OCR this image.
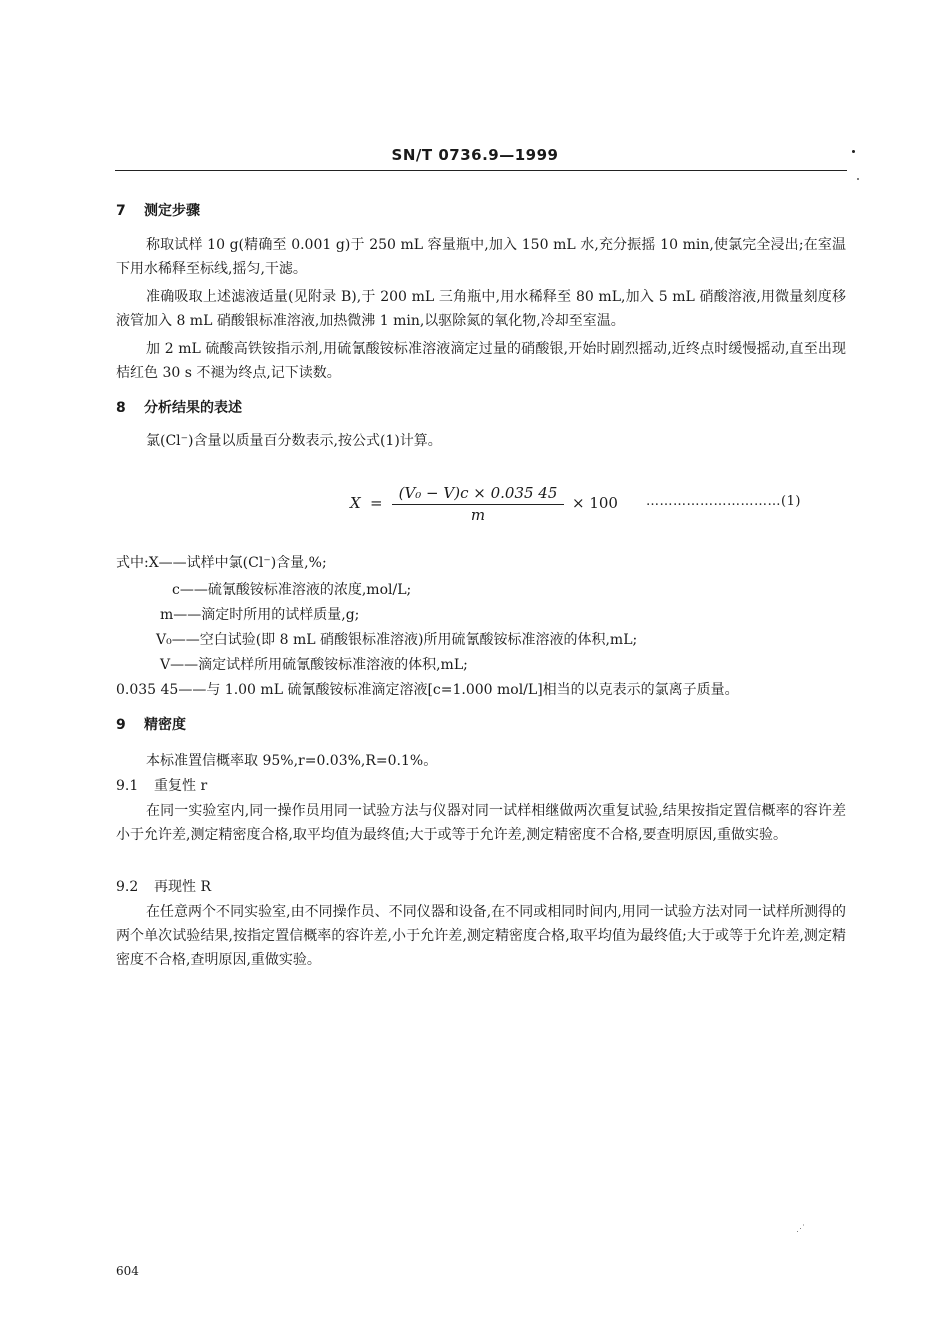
SN/T 0736.9—1999
7 测定步骤

称取试样 10 g(精确至 0.001 g)于 250 mL 容量瓶中,加入 150 mL 水,充分振摇 10 min,使氯完全浸出;在室温下用水稀释至标线,摇匀,干滤。

准确吸取上述滤液适量(见附录 B),于 200 mL 三角瓶中,用水稀释至 80 mL,加入 5 mL 硝酸溶液,用微量刻度移液管加入 8 mL 硝酸银标准溶液,加热微沸 1 min,以驱除氮的氧化物,冷却至室温。

加 2 mL 硫酸高铁铵指示剂,用硫氰酸铵标准溶液滴定过量的硝酸银,开始时剧烈摇动,近终点时缓慢摇动,直至出现桔红色 30 s 不褪为终点,记下读数。

8 分析结果的表述

氯(Cl⁻)含量以质量百分数表示,按公式(1)计算。

X =
(V₀ − V)c × 0.035 45
m
× 100 …………………………(1)

式中:X——试样中氯(Cl⁻)含量,%;

c——硫氰酸铵标准溶液的浓度,mol/L;

m——滴定时所用的试样质量,g;

V₀——空白试验(即 8 mL 硝酸银标准溶液)所用硫氰酸铵标准溶液的体积,mL;

V——滴定试样所用硫氰酸铵标准溶液的体积,mL;

0.035 45——与 1.00 mL 硫氰酸铵标准滴定溶液[c=1.000 mol/L]相当的以克表示的氯离子质量。

9 精密度

本标准置信概率取 95%,r=0.03%,R=0.1%。

9.1 重复性 r

在同一实验室内,同一操作员用同一试验方法与仪器对同一试样相继做两次重复试验,结果按指定置信概率的容许差小于允许差,测定精密度合格,取平均值为最终值;大于或等于允许差,测定精密度不合格,要查明原因,重做实验。

9.2 再现性 R

在任意两个不同实验室,由不同操作员、不同仪器和设备,在不同或相同时间内,用同一试验方法对同一试样所测得的两个单次试验结果,按指定置信概率的容许差,小于允许差,测定精密度合格,取平均值为最终值;大于或等于允许差,测定精密度不合格,查明原因,重做实验。

⋰
604
